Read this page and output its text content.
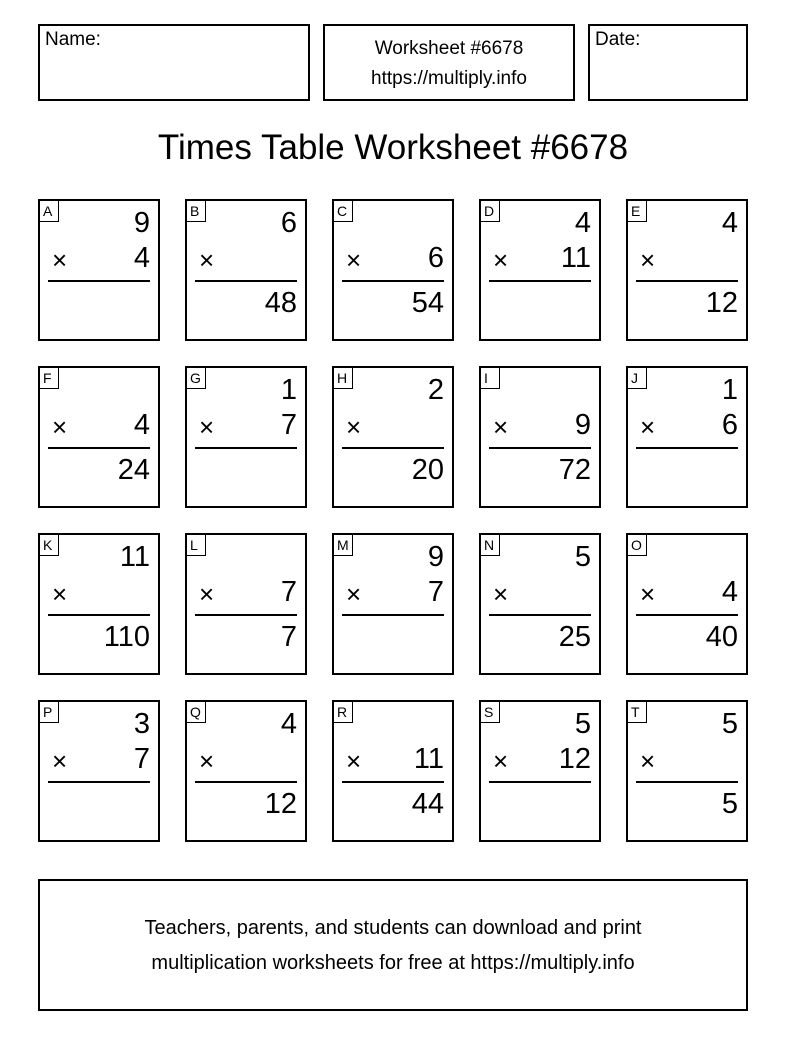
Name:	Worksheet #6678
https://multiply.info
Date:
Times Table Worksheet #6678
A	9
× 4
B	6
×
48
C
× 6
54
D	4
× 11
E	4
×
12
F
× 4
24
G	1
× 7
H	2
×
20
I
× 9
72
J	1
× 6
K 11
×
110
L
× 7
7
M	9
× 7
N	5
×
25
O
× 4
40
P	3
× 7
Q	4
×
12
R
× 11
44
S	5
× 12
T	5
×
5
Teachers, parents, and students can download and print
multiplication worksheets for free at https://multiply.info
